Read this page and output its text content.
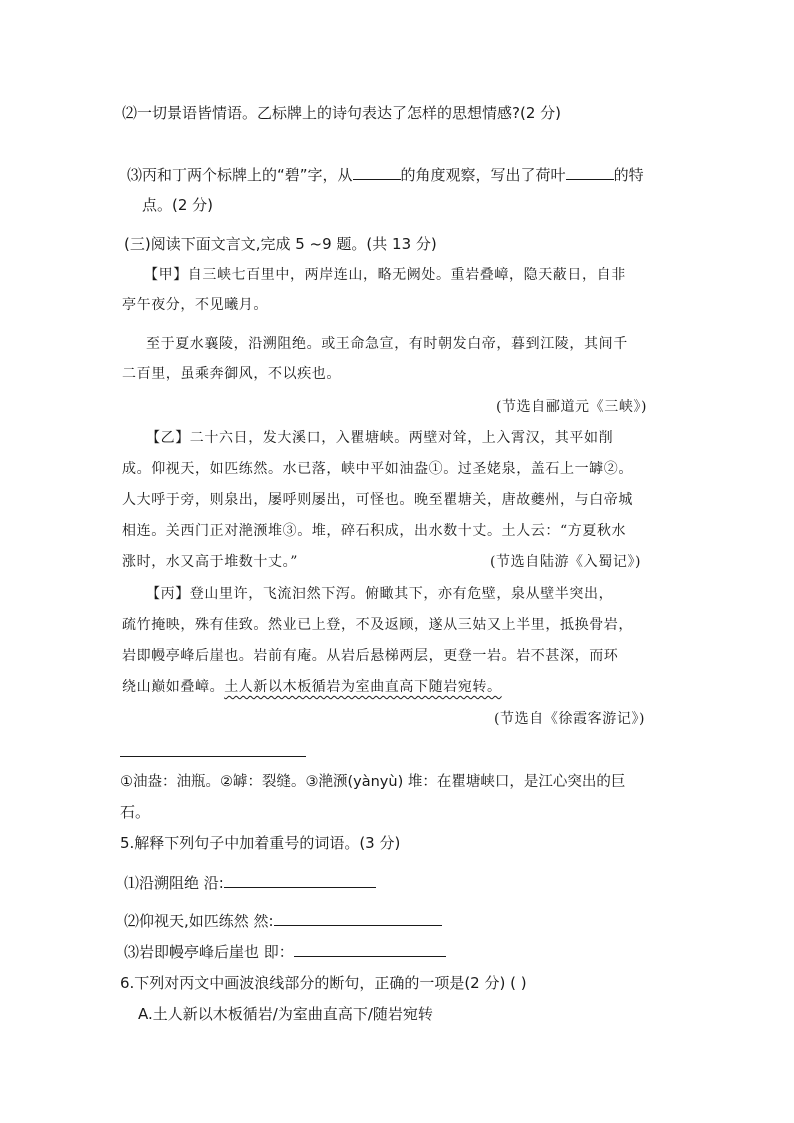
⑵一切景语皆情语。乙标牌上的诗句表达了怎样的思想情感?(2 分)
⑶丙和丁两个标牌上的“碧”字，从	的角度观察，写出了荷叶	的特
点。(2 分)
(三)阅读下面文言文,完成 5 ~9 题。(共 13 分)
【甲】自三峡七百里中，两岸连山，略无阙处。重岩叠嶂，隐天蔽日，自非
亭午夜分，不见曦月。
至于夏水襄陵，沿溯阻绝。或王命急宣，有时朝发白帝，暮到江陵，其间千
二百里，虽乘奔御风，不以疾也。
(节选自郦道元《三峡》)
【乙】二十六日，发大溪口，入瞿塘峡。两壁对耸，上入霄汉，其平如削
成。仰视天，如匹练然。水已落，峡中平如油盎①。过圣姥泉，盖石上一罅②。
人大呼于旁，则泉出，屡呼则屡出，可怪也。晚至瞿塘关，唐故夔州，与白帝城
相连。关西门正对滟滪堆③。堆，碎石积成，出水数十丈。土人云：“方夏秋水
涨时，水又高于堆数十丈。”	(节选自陆游《入蜀记》)
【丙】登山里许，飞流汩然下泻。俯瞰其下，亦有危壁，泉从壁半突出，
疏竹掩映，殊有佳致。然业已上登，不及返顾，遂从三姑又上半里，抵换骨岩，
岩即幔亭峰后崖也。岩前有庵。从岩后悬梯两层，更登一岩。岩不甚深，而环
绕山巅如叠嶂。土人新以木板循岩为室曲直高下随岩宛转。
(节选自《徐霞客游记》)
①油盎：油瓶。②罅：裂缝。③滟滪(yànyù) 堆：在瞿塘峡口，是江心突出的巨
石。
5.解释下列句子中加着重号的词语。(3 分)
⑴沿溯阻绝 沿:
⑵仰视天,如匹练然 然:
⑶岩即幔亭峰后崖也 即：
6.下列对丙文中画波浪线部分的断句，正确的一项是(2 分) ( )
A.土人新以木板循岩/为室曲直高下/随岩宛转
